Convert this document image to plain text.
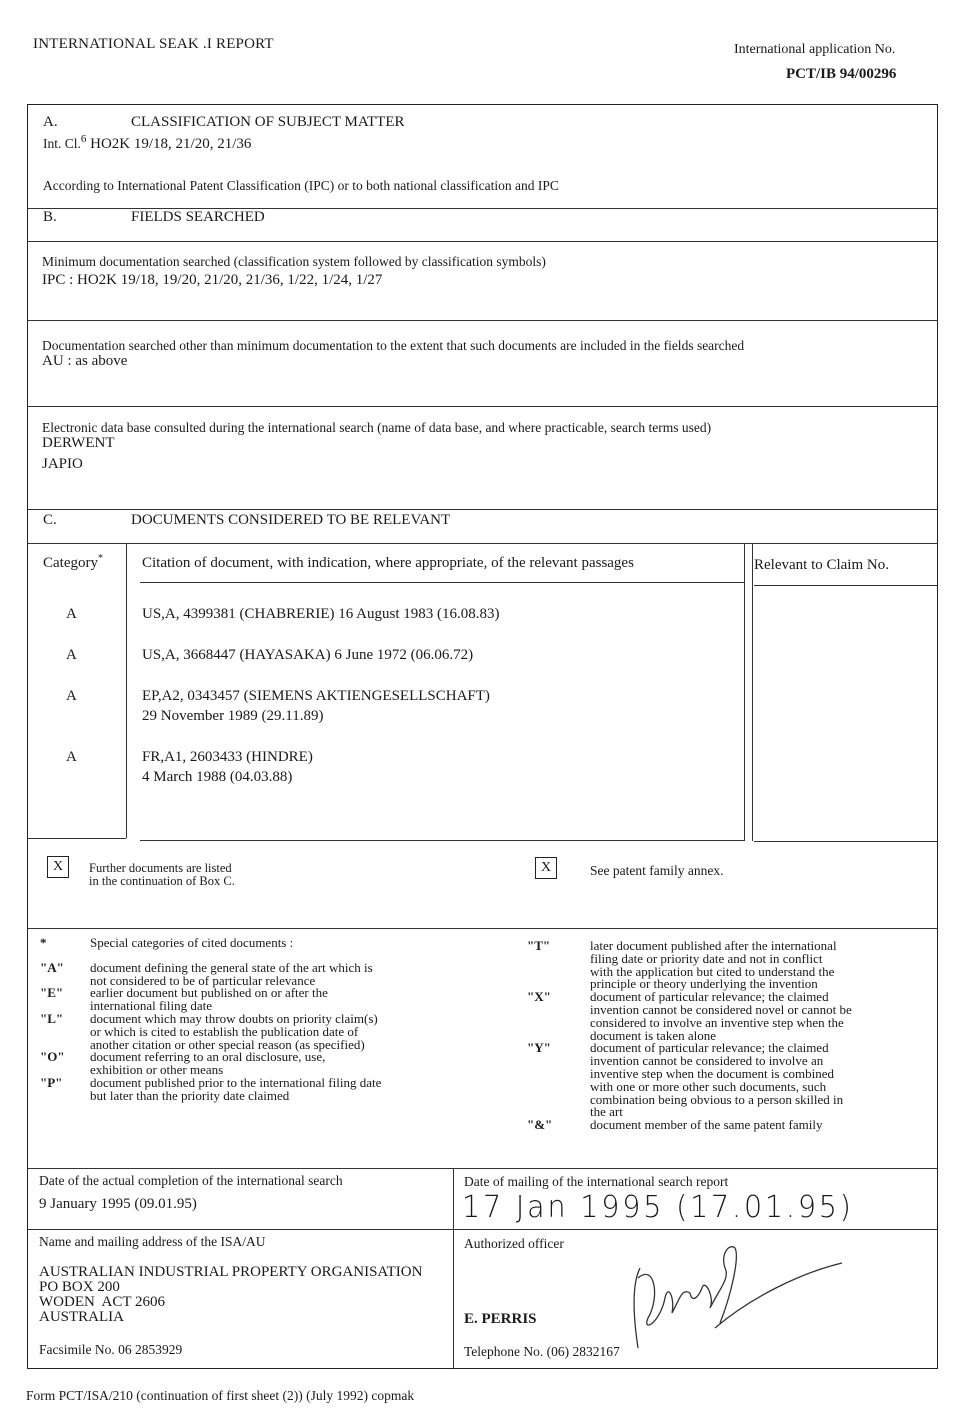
INTERNATIONAL SEAK .I REPORT	International application No.
PCT/IB 94/00296
A.	CLASSIFICATION OF SUBJECT MATTER
Int. Cl.$^6$ HO2K 19/18, 21/20, 21/36
According to International Patent Classification (IPC) or to both national classification and IPC
B.	FIELDS SEARCHED
Minimum documentation searched (classification system followed by classification symbols)
IPC : HO2K 19/18, 19/20, 21/20, 21/36, 1/22, 1/24, 1/27
Documentation searched other than minimum documentation to the extent that such documents are included in the fields searched
AU : as above
Electronic data base consulted during the international search (name of data base, and where practicable, search terms used)
DERWENT
JAPIO
C.	DOCUMENTS CONSIDERED TO BE RELEVANT
Category*	Citation of document, with indication, where appropriate, of the relevant passages	Relevant to Claim No.
A	US,A, 4399381 (CHABRERIE) 16 August 1983 (16.08.83)
A	US,A, 3668447 (HAYASAKA) 6 June 1972 (06.06.72)
A	EP,A2, 0343457 (SIEMENS AKTIENGESELLSCHAFT)
29 November 1989 (29.11.89)
A	FR,A1, 2603433 (HINDRE)
4 March 1988 (04.03.88)
X	Further documents are listed
in the continuation of Box C.
X	See patent family annex.
*	Special categories of cited documents :
"A"	document defining the general state of the art which is
not considered to be of particular relevance
"E"	earlier document but published on or after the
international filing date
"L"	document which may throw doubts on priority claim(s)
or which is cited to establish the publication date of
another citation or other special reason (as specified)
"O"	document referring to an oral disclosure, use,
exhibition or other means
"P"	document published prior to the international filing date
but later than the priority date claimed
"T"	later document published after the international
filing date or priority date and not in conflict
with the application but cited to understand the
principle or theory underlying the invention
"X"	document of particular relevance; the claimed
invention cannot be considered novel or cannot be
considered to involve an inventive step when the
document is taken alone
"Y"	document of particular relevance; the claimed
invention cannot be considered to involve an
inventive step when the document is combined
with one or more other such documents, such
combination being obvious to a person skilled in
the art
"&"	document member of the same patent family
Date of the actual completion of the international search
9 January 1995 (09.01.95)
Date of mailing of the international search report
17 Jan 1995 (17.01.95)
Name and mailing address of the ISA/AU
AUSTRALIAN INDUSTRIAL PROPERTY ORGANISATION
PO BOX 200
WODEN  ACT 2606
AUSTRALIA
Facsimile No. 06 2853929
Authorized officer
E. PERRIS
Telephone No. (06) 2832167
Form PCT/ISA/210 (continuation of first sheet (2)) (July 1992) copmak
